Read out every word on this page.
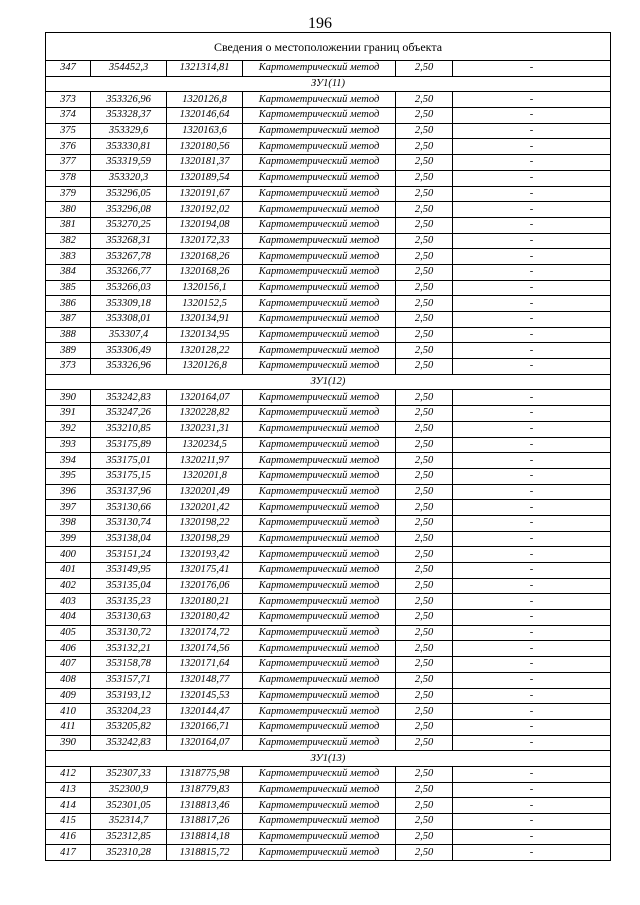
196
Сведения о местоположении границ объекта					
347	354452,3	1321314,81	Картометрический метод	2,50	-
ЗУ1(11)					
373	353326,96	1320126,8	Картометрический метод	2,50	-
374	353328,37	1320146,64	Картометрический метод	2,50	-
375	353329,6	1320163,6	Картометрический метод	2,50	-
376	353330,81	1320180,56	Картометрический метод	2,50	-
377	353319,59	1320181,37	Картометрический метод	2,50	-
378	353320,3	1320189,54	Картометрический метод	2,50	-
379	353296,05	1320191,67	Картометрический метод	2,50	-
380	353296,08	1320192,02	Картометрический метод	2,50	-
381	353270,25	1320194,08	Картометрический метод	2,50	-
382	353268,31	1320172,33	Картометрический метод	2,50	-
383	353267,78	1320168,26	Картометрический метод	2,50	-
384	353266,77	1320168,26	Картометрический метод	2,50	-
385	353266,03	1320156,1	Картометрический метод	2,50	-
386	353309,18	1320152,5	Картометрический метод	2,50	-
387	353308,01	1320134,91	Картометрический метод	2,50	-
388	353307,4	1320134,95	Картометрический метод	2,50	-
389	353306,49	1320128,22	Картометрический метод	2,50	-
373	353326,96	1320126,8	Картометрический метод	2,50	-
ЗУ1(12)					
390	353242,83	1320164,07	Картометрический метод	2,50	-
391	353247,26	1320228,82	Картометрический метод	2,50	-
392	353210,85	1320231,31	Картометрический метод	2,50	-
393	353175,89	1320234,5	Картометрический метод	2,50	-
394	353175,01	1320211,97	Картометрический метод	2,50	-
395	353175,15	1320201,8	Картометрический метод	2,50	-
396	353137,96	1320201,49	Картометрический метод	2,50	-
397	353130,66	1320201,42	Картометрический метод	2,50	-
398	353130,74	1320198,22	Картометрический метод	2,50	-
399	353138,04	1320198,29	Картометрический метод	2,50	-
400	353151,24	1320193,42	Картометрический метод	2,50	-
401	353149,95	1320175,41	Картометрический метод	2,50	-
402	353135,04	1320176,06	Картометрический метод	2,50	-
403	353135,23	1320180,21	Картометрический метод	2,50	-
404	353130,63	1320180,42	Картометрический метод	2,50	-
405	353130,72	1320174,72	Картометрический метод	2,50	-
406	353132,21	1320174,56	Картометрический метод	2,50	-
407	353158,78	1320171,64	Картометрический метод	2,50	-
408	353157,71	1320148,77	Картометрический метод	2,50	-
409	353193,12	1320145,53	Картометрический метод	2,50	-
410	353204,23	1320144,47	Картометрический метод	2,50	-
411	353205,82	1320166,71	Картометрический метод	2,50	-
390	353242,83	1320164,07	Картометрический метод	2,50	-
ЗУ1(13)					
412	352307,33	1318775,98	Картометрический метод	2,50	-
413	352300,9	1318779,83	Картометрический метод	2,50	-
414	352301,05	1318813,46	Картометрический метод	2,50	-
415	352314,7	1318817,26	Картометрический метод	2,50	-
416	352312,85	1318814,18	Картометрический метод	2,50	-
417	352310,28	1318815,72	Картометрический метод	2,50	-
